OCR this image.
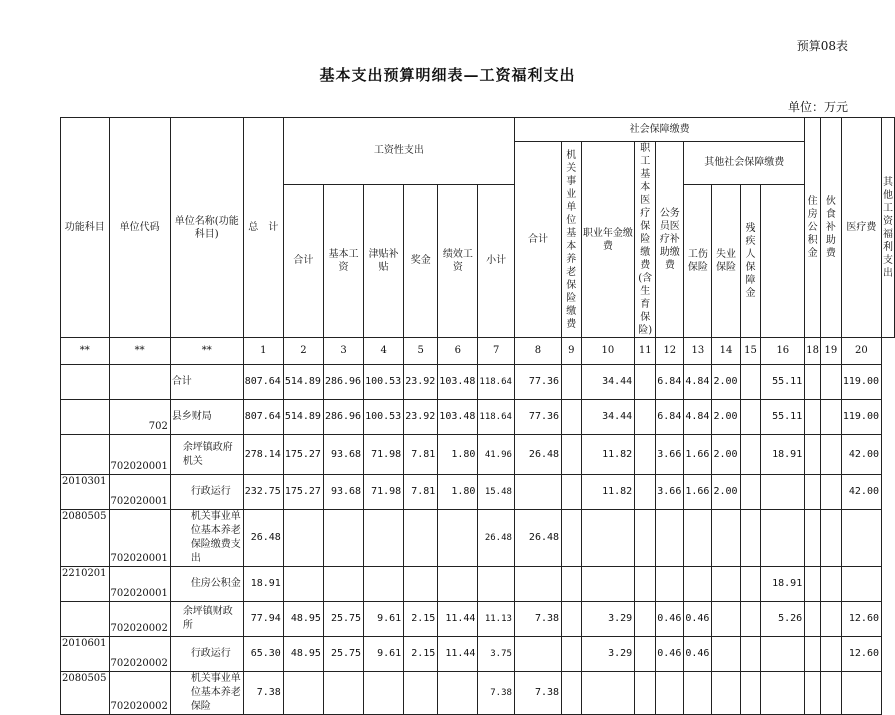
预算08表
基本支出预算明细表—工资福利支出
单位：万元
功能科目	单位代码	单位名称(功能科目)	总　计	工资性支出						社会保障缴费									住房公积金	伙食补助费	医疗费	其他工资福利支出
										合计	机关事业单位基本养老保险缴费	职业年金缴费	职工基本医疗保险缴费(含生育保险)	公务员医疗补助缴费	其他社会保障缴费							
				合计	基本工资	津贴补贴	奖金	绩效工资	小计						工伤保险	失业保险	残疾人保障金					
**	**	**	1	2	3	4	5	6	7	8	9	10	11	12	13	14	15	16	18	19	20	
		合计	807.64	514.89	286.96	100.53	23.92	103.48	118.64	77.36		34.44		6.84	4.84	2.00		55.11			119.00	
	702	县乡财局	807.64	514.89	286.96	100.53	23.92	103.48	118.64	77.36		34.44		6.84	4.84	2.00		55.11			119.00	
	702020001	余坪镇政府机关	278.14	175.27	93.68	71.98	7.81	1.80	41.96	26.48		11.82		3.66	1.66	2.00		18.91			42.00	
2010301	702020001	行政运行	232.75	175.27	93.68	71.98	7.81	1.80	15.48			11.82		3.66	1.66	2.00					42.00	
2080505	702020001	机关事业单位基本养老保险缴费支出	26.48						26.48	26.48												
2210201	702020001	住房公积金	18.91															18.91				
	702020002	余坪镇财政所	77.94	48.95	25.75	9.61	2.15	11.44	11.13	7.38		3.29		0.46	0.46			5.26			12.60	
2010601	702020002	行政运行	65.30	48.95	25.75	9.61	2.15	11.44	3.75			3.29		0.46	0.46						12.60	
2080505	702020002	机关事业单位基本养老保险	7.38						7.38	7.38												
